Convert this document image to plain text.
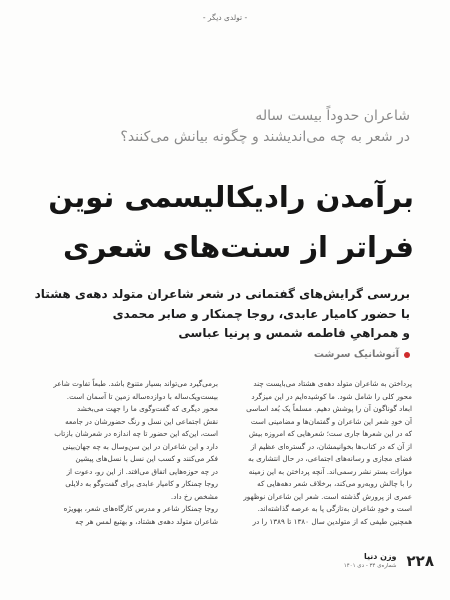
- تولدی دیگر -
شاعران حدوداً بیست ساله
در شعر به چه می‌اندیشند و چگونه بیانش می‌کنند؟
برآمدن رادیکالیسمی نوین
فراتر از سنت‌های شعری
بررسی گرایش‌های گفتمانی در شعر شاعران متولد دهه‌ی هشتاد
با حضور کامیار عابدی، روجا چمنکار و صابر محمدی
و همراهیِ فاطمه شمس و پرنیا عباسی
آنوشانیک سرشت
پرداختن به شاعران متولد دهه‌ی هشتاد می‌بایست چند
محور کلی را شامل شود. ما کوشیده‌ایم در این میزگرد
ابعاد گوناگون آن را پوشش دهیم. مسلماً یک بُعد اساسی
آن خودِ شعر این شاعران و گفتمان‌ها و مضامینی است
که در این شعرها جاری ست؛ شعرهایی که امروزه بیش
از آن که در کتاب‌ها بخوانیمشان، در گستره‌ای عظیم از
فضای مجازی و رسانه‌های اجتماعی، در حال انتشاری به
موازات بستر نشر رسمی‌اند. آنچه پرداختن به این زمینه
را با چالش روبه‌رو می‌کند، برخلاف شعر دهه‌هایی که
عمری از پرورش گذشته است. شعر این شاعران نوظهور
است و خودِ شاعران به‌تازگی پا به عرصه گذاشته‌اند.
همچنین طیفی که از متولدین سال ۱۳۸۰ تا ۱۳۸۹ را در
برمی‌گیرد می‌تواند بسیار متنوع باشد. طبعاً تفاوت شاعر
بیست‌ویک‌ساله با دوازده‌ساله زمین تا آسمان است.
محور دیگری که گفت‌وگوی ما را جهت می‌بخشد
نقش اجتماعی این نسل و رنگ حضورشان در جامعه
است، این‌که این حضور تا چه اندازه در شعرشان بازتاب
دارد و این شاعران در این سن‌وسال به چه جهان‌بینی
فکر می‌کنند و کسب این نسل با نسل‌های پیشین
در چه حوزه‌هایی اتفاق می‌افتد. از این رو، دعوت از
روجا چمنکار و کامیار عابدی برای گفت‌وگو به دلایلی
مشخص رخ داد.
روجا چمنکار شاعر و مدرس کارگاه‌های شعر، بهویژه
شاعران متولد دهه‌ی هشتاد، و بهتبع لمس هر چه
۲۲۸
وزن دنیا
شماره‌ی ۳۴ - دی ۱۴۰۱
